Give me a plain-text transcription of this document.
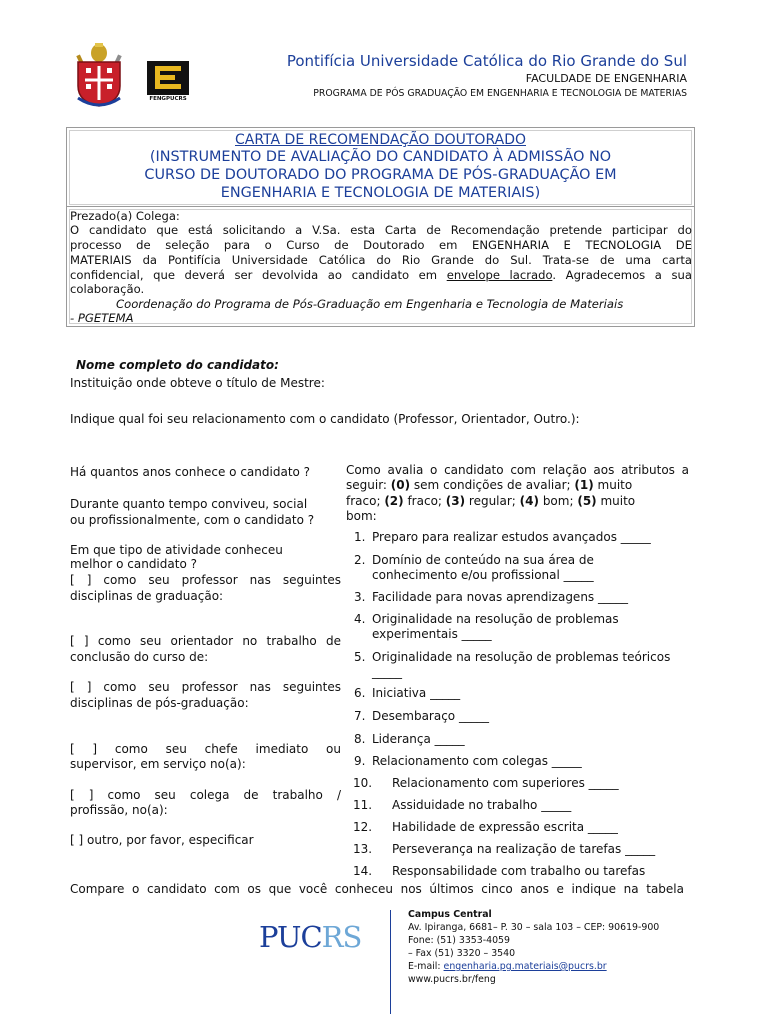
FENGPUCRS
Pontifícia Universidade Católica do Rio Grande do Sul
FACULDADE DE ENGENHARIA
PROGRAMA DE PÓS GRADUAÇÃO EM ENGENHARIA E TECNOLOGIA DE MATERIAS
CARTA DE RECOMENDAÇÃO DOUTORADO
(INSTRUMENTO DE AVALIAÇÃO DO CANDIDATO À ADMISSÃO NO
CURSO DE DOUTORADO DO PROGRAMA DE PÓS-GRADUAÇÃO EM
ENGENHARIA E TECNOLOGIA DE MATERIAIS)
Prezado(a) Colega:
O candidato que está solicitando a V.Sa. esta Carta de Recomendação pretende participar do
processo de seleção para o Curso de Doutorado em ENGENHARIA E TECNOLOGIA DE
MATERIAIS da Pontifícia Universidade Católica do Rio Grande do Sul. Trata-se de uma carta
confidencial, que deverá ser devolvida ao candidato em envelope lacrado. Agradecemos a sua
colaboração.
Coordenação do Programa de Pós-Graduação em Engenharia e Tecnologia de Materiais
- PGETEMA
Nome completo do candidato:
Instituição onde obteve o título de Mestre:
Indique qual foi seu relacionamento com o candidato (Professor, Orientador, Outro.):
Há quantos anos conhece o candidato ?
Durante quanto tempo conviveu, social
ou profissionalmente, com o candidato ?
Em que tipo de atividade conheceu
melhor o candidato ?
[ ] como seu professor nas seguintes
disciplinas de graduação:
[ ] como seu orientador no trabalho de
conclusão do curso de:
[ ] como seu professor nas seguintes
disciplinas de pós-graduação:
[ ] como seu chefe imediato ou
supervisor, em serviço no(a):
[ ] como seu colega de trabalho /
profissão, no(a):
[ ] outro, por favor, especificar
Como avalia o candidato com relação aos atributos a
seguir: (0) sem condições de avaliar; (1) muito
fraco; (2) fraco; (3) regular; (4) bom; (5) muito
bom:
1. Preparo para realizar estudos avançados _____
2. Domínio de conteúdo na sua área de
conhecimento e/ou profissional _____
3. Facilidade para novas aprendizagens _____
4. Originalidade na resolução de problemas
experimentais _____
5. Originalidade na resolução de problemas teóricos
_____
6. Iniciativa _____
7. Desembaraço _____
8. Liderança _____
9. Relacionamento com colegas _____
10. Relacionamento com superiores _____
11. Assiduidade no trabalho _____
12. Habilidade de expressão escrita _____
13. Perseverança na realização de tarefas _____
14. Responsabilidade com trabalho ou tarefas
Compare o candidato com os que você conheceu nos últimos cinco anos e indique na tabela
PUCRS
Campus Central
Av. Ipiranga, 6681– P. 30 – sala 103 – CEP: 90619-900
Fone: (51) 3353-4059
– Fax (51) 3320 – 3540
E-mail: engenharia.pg.materiais@pucrs.br
www.pucrs.br/feng
